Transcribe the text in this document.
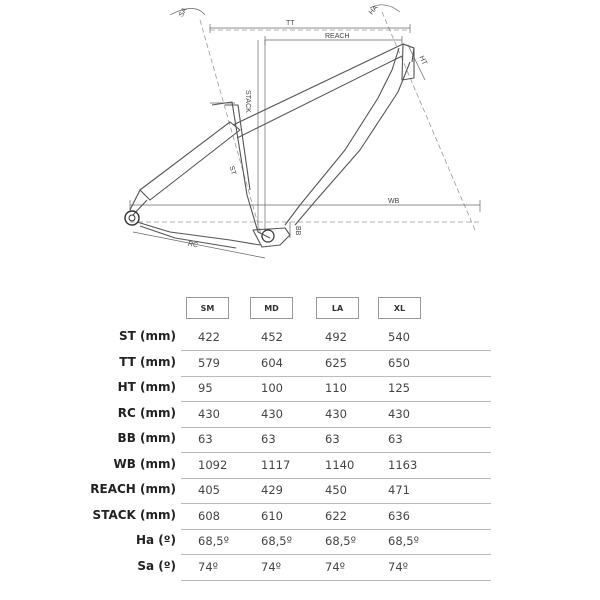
SA	HA
TT
REACH
HT
STACK
ST
WB
RC
BB
SM	MD	LA	XL
ST (mm) 422	452	492	540
TT (mm) 579	604	625	650
HT (mm) 95	100	110	125
RC (mm) 430	430	430	430
BB (mm) 63	63	63	63
WB (mm) 1092	1117	1140	1163
REACH (mm) 405	429	450	471
STACK (mm) 608	610	622	636
Ha (º) 68,5º	68,5º	68,5º	68,5º
Sa (º) 74º	74º	74º	74º
